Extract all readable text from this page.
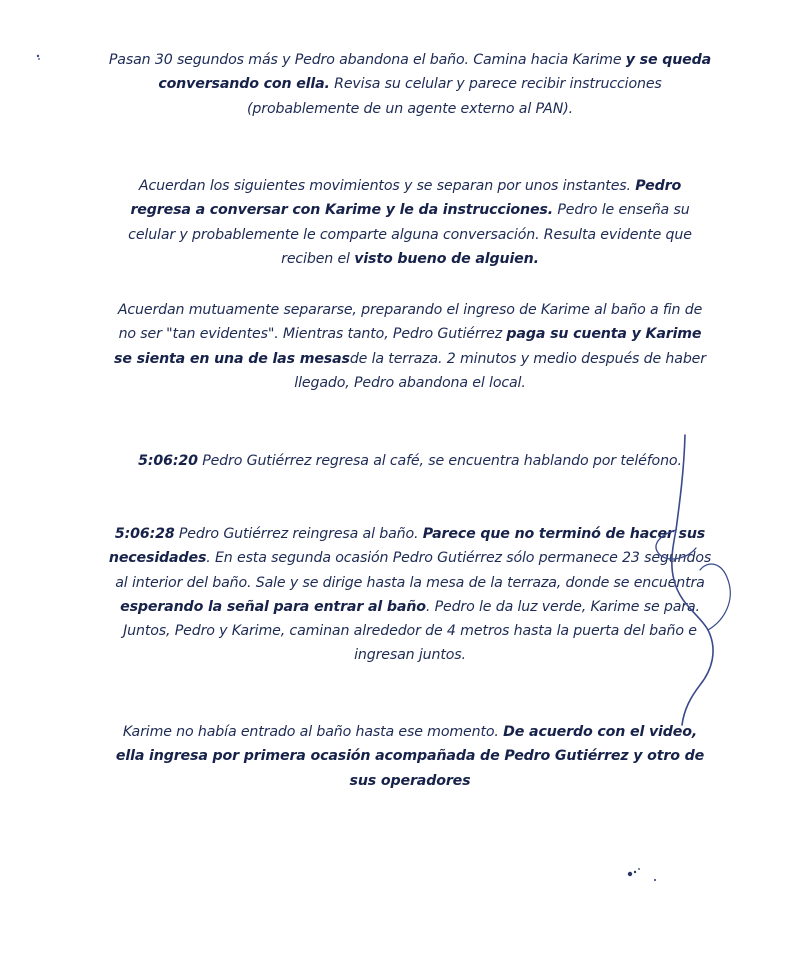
Pasan 30 segundos más y Pedro abandona el baño. Camina hacia Karime y se queda conversando con ella. Revisa su celular y parece recibir instrucciones (probablemente de un agente externo al PAN).
Acuerdan los siguientes movimientos y se separan por unos instantes. Pedro regresa a conversar con Karime y le da instrucciones. Pedro le enseña su celular y probablemente le comparte alguna conversación. Resulta evidente que reciben el visto bueno de alguien.
Acuerdan mutuamente separarse, preparando el ingreso de Karime al baño a fin de no ser "tan evidentes". Mientras tanto, Pedro Gutiérrez paga su cuenta y Karime se sienta en una de las mesasde la terraza. 2 minutos y medio después de haber llegado, Pedro abandona el local.
5:06:20 Pedro Gutiérrez regresa al café, se encuentra hablando por teléfono.
5:06:28 Pedro Gutiérrez reingresa al baño. Parece que no terminó de hacer sus necesidades. En esta segunda ocasión Pedro Gutiérrez sólo permanece 23 segundos al interior del baño. Sale y se dirige hasta la mesa de la terraza, donde se encuentra esperando la señal para entrar al baño. Pedro le da luz verde, Karime se para. Juntos, Pedro y Karime, caminan alrededor de 4 metros hasta la puerta del baño e ingresan juntos.
Karime no había entrado al baño hasta ese momento. De acuerdo con el video, ella ingresa por primera ocasión acompañada de Pedro Gutiérrez y otro de sus operadores
